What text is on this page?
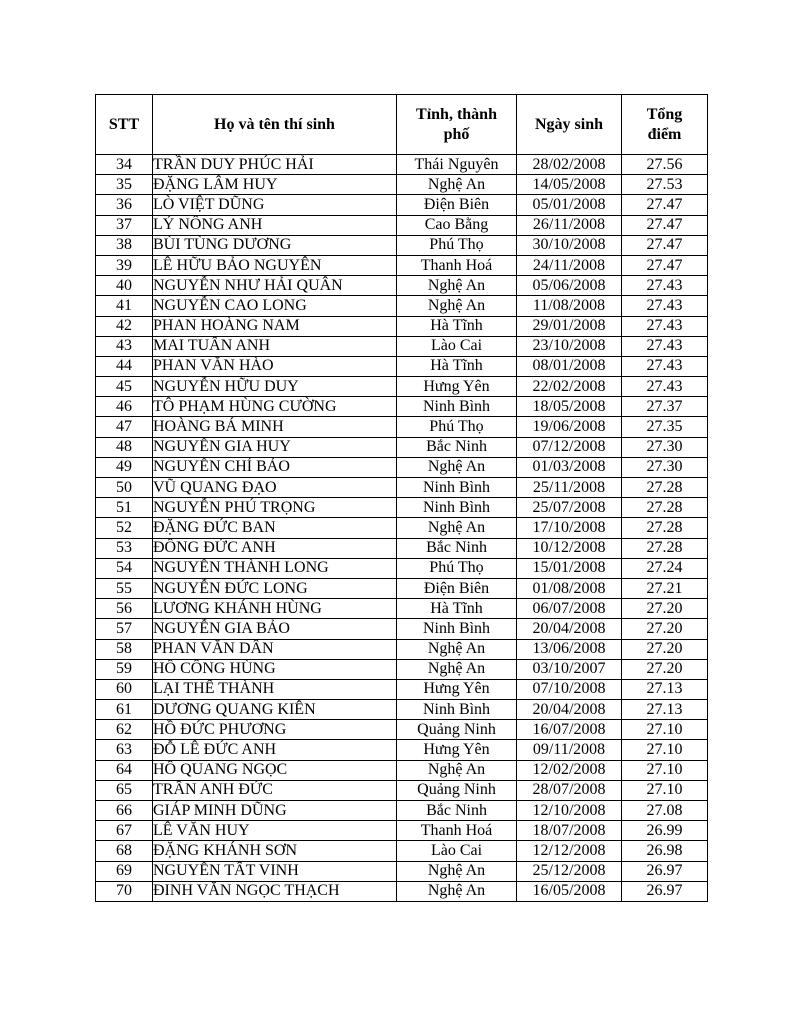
STT	Họ và tên thí sinh	Tỉnh, thành phố	Ngày sinh	Tổng điểm
34	TRẦN DUY PHÚC HẢI	Thái Nguyên	28/02/2008	27.56
35	ĐẶNG LÂM HUY	Nghệ An	14/05/2008	27.53
36	LÒ VIỆT DŨNG	Điện Biên	05/01/2008	27.47
37	LÝ NÔNG ANH	Cao Bằng	26/11/2008	27.47
38	BÙI TÙNG DƯƠNG	Phú Thọ	30/10/2008	27.47
39	LÊ HỮU BẢO NGUYÊN	Thanh Hoá	24/11/2008	27.47
40	NGUYỄN NHƯ HẢI QUÂN	Nghệ An	05/06/2008	27.43
41	NGUYỄN CAO LONG	Nghệ An	11/08/2008	27.43
42	PHAN HOÀNG NAM	Hà Tĩnh	29/01/2008	27.43
43	MAI TUẤN ANH	Lào Cai	23/10/2008	27.43
44	PHAN VĂN HÀO	Hà Tĩnh	08/01/2008	27.43
45	NGUYỄN HỮU DUY	Hưng Yên	22/02/2008	27.43
46	TÔ PHẠM HÙNG CƯỜNG	Ninh Bình	18/05/2008	27.37
47	HOÀNG BÁ MINH	Phú Thọ	19/06/2008	27.35
48	NGUYỄN GIA HUY	Bắc Ninh	07/12/2008	27.30
49	NGUYỄN CHÍ BẢO	Nghệ An	01/03/2008	27.30
50	VŨ QUANG ĐẠO	Ninh Bình	25/11/2008	27.28
51	NGUYỄN PHÚ TRỌNG	Ninh Bình	25/07/2008	27.28
52	ĐẶNG ĐỨC BAN	Nghệ An	17/10/2008	27.28
53	ĐỒNG ĐỨC ANH	Bắc Ninh	10/12/2008	27.28
54	NGUYỄN THÀNH LONG	Phú Thọ	15/01/2008	27.24
55	NGUYỄN ĐỨC LONG	Điện Biên	01/08/2008	27.21
56	LƯƠNG KHÁNH HÙNG	Hà Tĩnh	06/07/2008	27.20
57	NGUYỄN GIA BẢO	Ninh Bình	20/04/2008	27.20
58	PHAN VĂN DÂN	Nghệ An	13/06/2008	27.20
59	HỒ CÔNG HÙNG	Nghệ An	03/10/2007	27.20
60	LẠI THẾ THÀNH	Hưng Yên	07/10/2008	27.13
61	DƯƠNG QUANG KIÊN	Ninh Bình	20/04/2008	27.13
62	HỒ ĐỨC PHƯƠNG	Quảng Ninh	16/07/2008	27.10
63	ĐỖ LÊ ĐỨC ANH	Hưng Yên	09/11/2008	27.10
64	HỒ QUANG NGỌC	Nghệ An	12/02/2008	27.10
65	TRẦN ANH ĐỨC	Quảng Ninh	28/07/2008	27.10
66	GIÁP MINH DŨNG	Bắc Ninh	12/10/2008	27.08
67	LÊ VĂN HUY	Thanh Hoá	18/07/2008	26.99
68	ĐẶNG KHÁNH SƠN	Lào Cai	12/12/2008	26.98
69	NGUYỄN TẤT VINH	Nghệ An	25/12/2008	26.97
70	ĐINH VĂN NGỌC THẠCH	Nghệ An	16/05/2008	26.97
